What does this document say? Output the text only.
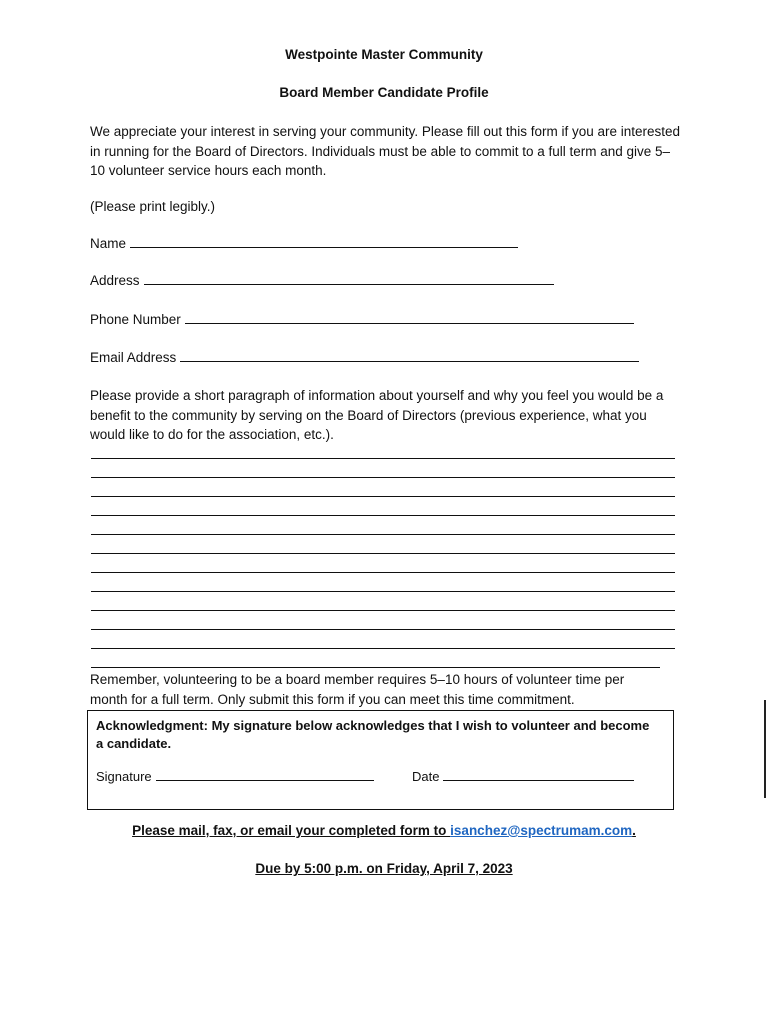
Westpointe Master Community
Board Member Candidate Profile

We appreciate your interest in serving your community. Please fill out this form if you are interested in running for the Board of Directors. Individuals must be able to commit to a full term and give 5–10 volunteer service hours each month.

(Please print legibly.)

Name
Address
Phone Number
Email Address

Please provide a short paragraph of information about yourself and why you feel you would be a benefit to the community by serving on the Board of Directors (previous experience, what you would like to do for the association, etc.).

Remember, volunteering to be a board member requires 5–10 hours of volunteer time per month for a full term. Only submit this form if you can meet this time commitment.

Acknowledgment: My signature below acknowledges that I wish to volunteer and become a candidate.
Signature	Date
Please mail, fax, or email your completed form to isanchez@spectrumam.com.
Due by 5:00 p.m. on Friday, April 7, 2023
